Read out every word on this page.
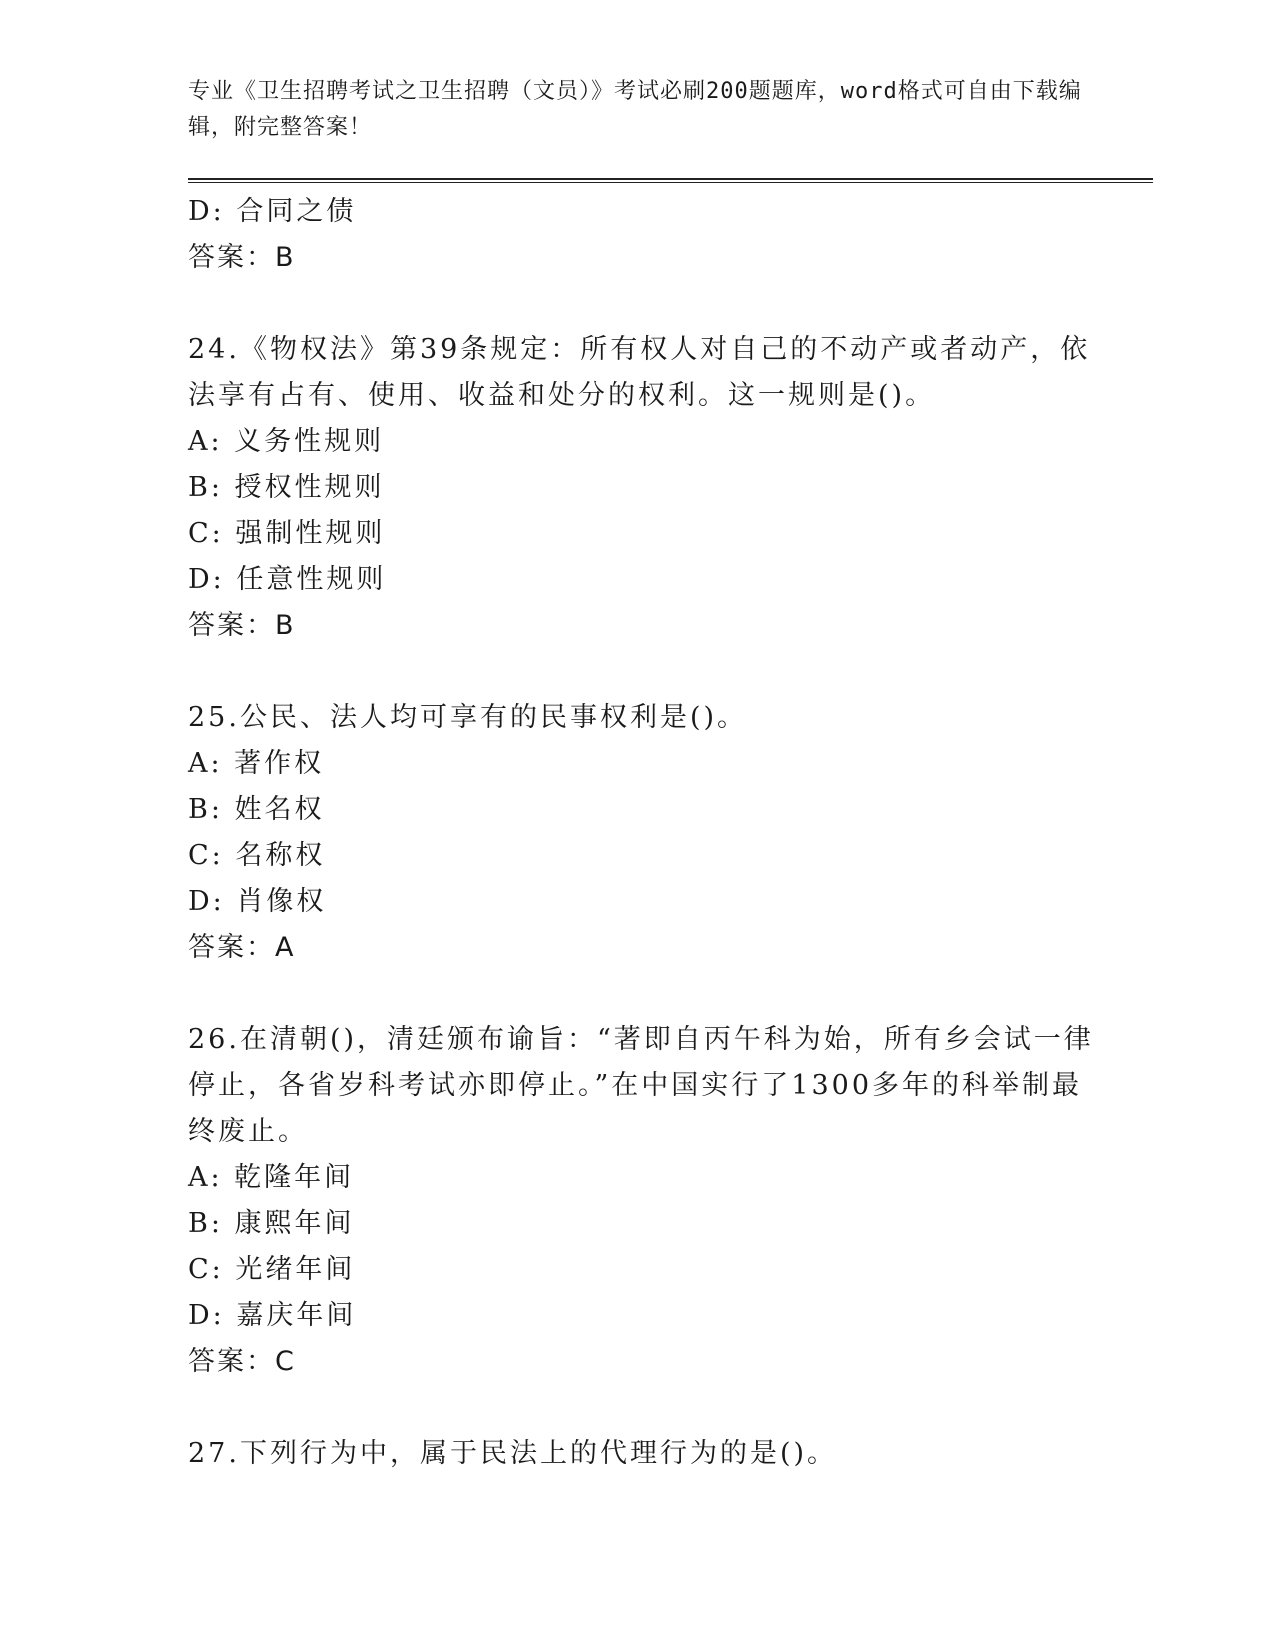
专业《卫生招聘考试之卫生招聘（文员）》考试必刷200题题库，word格式可自由下载编辑，附完整答案！

D: 合同之债

答案：B

24.《物权法》第39条规定：所有权人对自己的不动产或者动产，依

法享有占有、使用、收益和处分的权利。这一规则是()。

A: 义务性规则

B: 授权性规则

C: 强制性规则

D: 任意性规则

答案：B

25.公民、法人均可享有的民事权利是()。

A: 著作权

B: 姓名权

C: 名称权

D: 肖像权

答案：A

26.在清朝()，清廷颁布谕旨：“著即自丙午科为始，所有乡会试一律

停止，各省岁科考试亦即停止。”在中国实行了1300多年的科举制最

终废止。

A: 乾隆年间

B: 康熙年间

C: 光绪年间

D: 嘉庆年间

答案：C

27.下列行为中，属于民法上的代理行为的是()。
